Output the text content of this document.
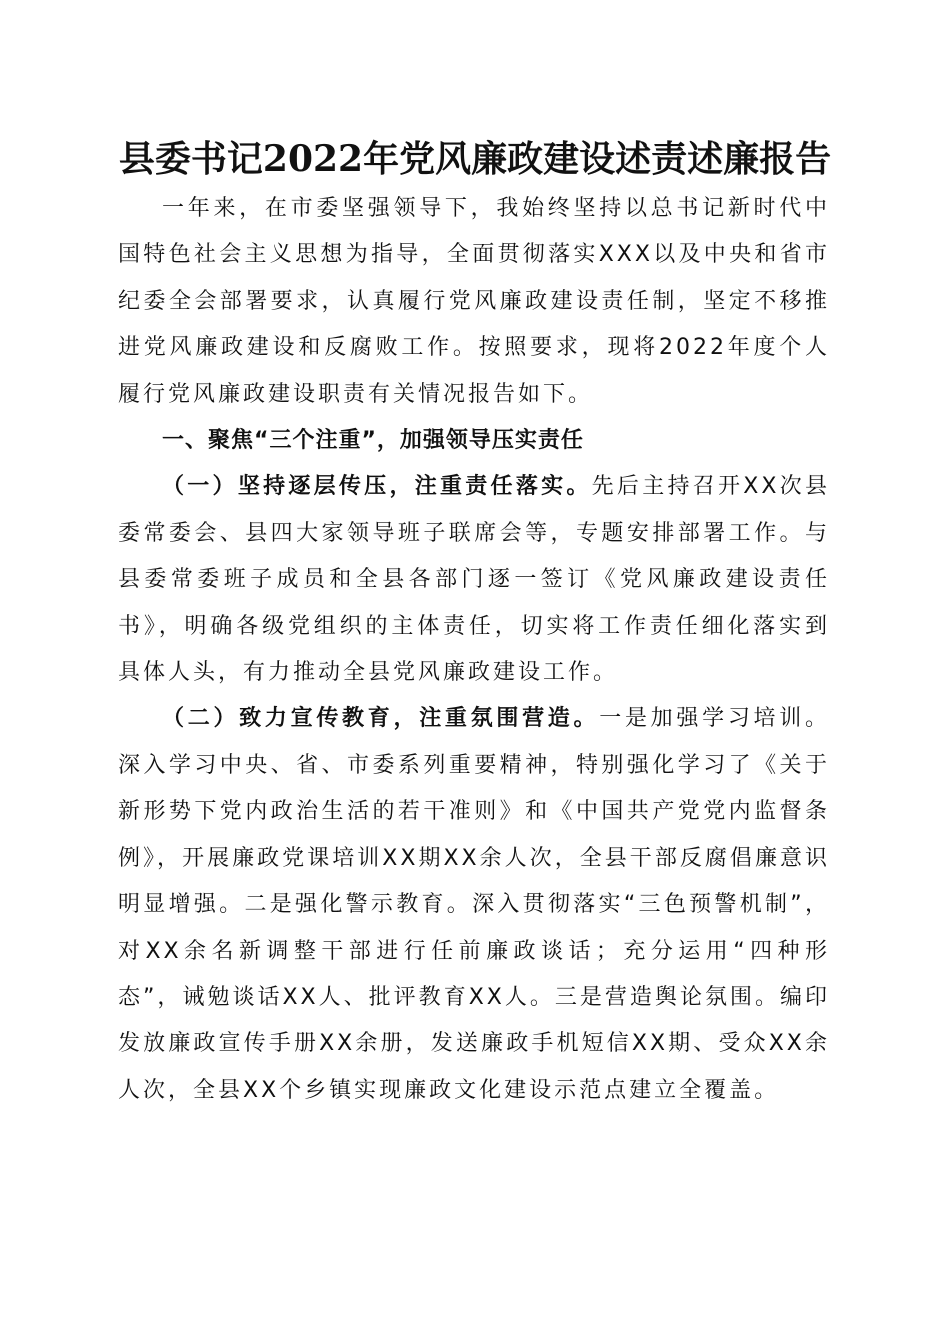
县委书记2022年党风廉政建设述责述廉报告

一年来，在市委坚强领导下，我始终坚持以总书记新时代中国特色社会主义思想为指导，全面贯彻落实XXX以及中央和省市纪委全会部署要求，认真履行党风廉政建设责任制，坚定不移推进党风廉政建设和反腐败工作。按照要求，现将2022年度个人履行党风廉政建设职责有关情况报告如下。

一、聚焦“三个注重”，加强领导压实责任

（一）坚持逐层传压，注重责任落实。先后主持召开XX次县委常委会、县四大家领导班子联席会等，专题安排部署工作。与县委常委班子成员和全县各部门逐一签订《党风廉政建设责任书》，明确各级党组织的主体责任，切实将工作责任细化落实到具体人头，有力推动全县党风廉政建设工作。

（二）致力宣传教育，注重氛围营造。一是加强学习培训。深入学习中央、省、市委系列重要精神，特别强化学习了《关于新形势下党内政治生活的若干准则》和《中国共产党党内监督条例》，开展廉政党课培训XX期XX余人次，全县干部反腐倡廉意识明显增强。二是强化警示教育。深入贯彻落实“三色预警机制”，对XX余名新调整干部进行任前廉政谈话；充分运用“四种形态”，诫勉谈话XX人、批评教育XX人。三是营造舆论氛围。编印发放廉政宣传手册XX余册，发送廉政手机短信XX期、受众XX余人次，全县XX个乡镇实现廉政文化建设示范点建立全覆盖。
